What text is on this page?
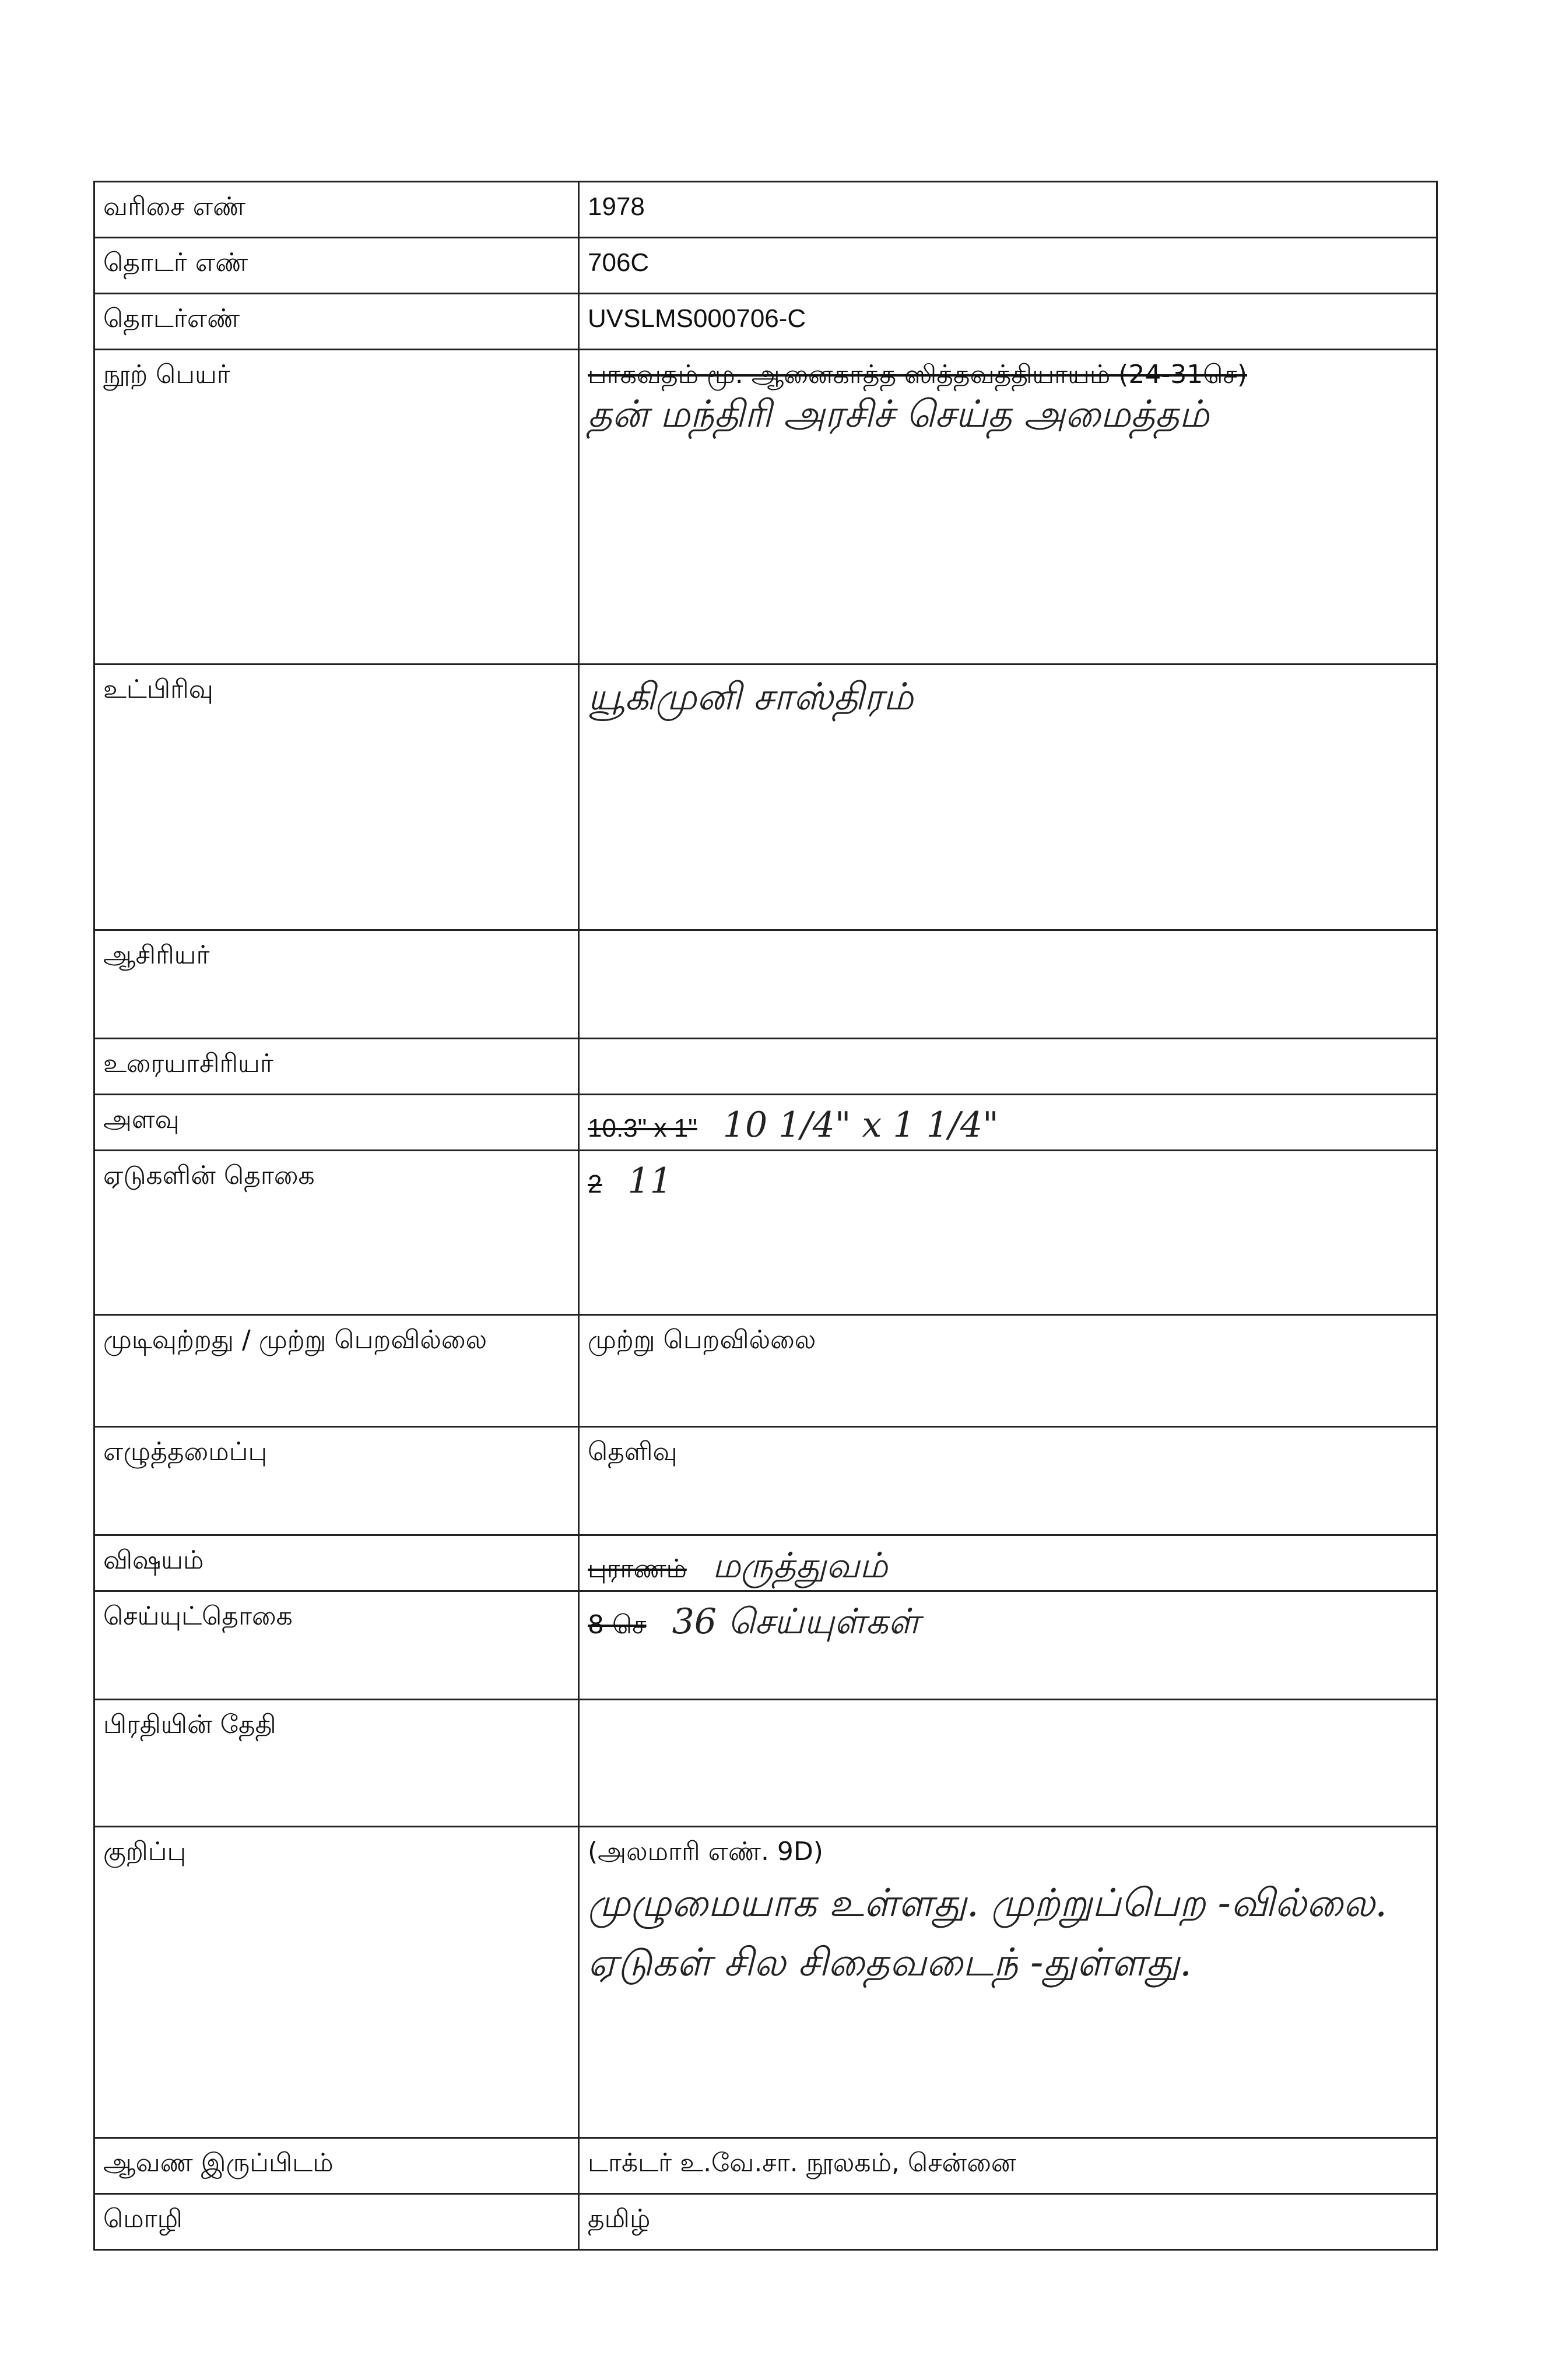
வரிசை எண்	1978

தொடர் எண்	706C

தொடர்எண்	UVSLMS000706-C

நூற் பெயர்	பாகவதம் மூ. ஆனைகாத்த ஸித்தவத்தியாயம் (24-31செ)
தன் மந்திரி அரசிச் செய்த அமைத்தம்

உட்பிரிவு	யூகிமுனி சாஸ்திரம்

ஆசிரியர்	
உரையாசிரியர்	
அளவு	10.3" x 1" 10 1/4" x 1 1/4"
ஏடுகளின் தொகை	2 11
முடிவுற்றது / முற்று பெறவில்லை	முற்று பெறவில்லை

எழுத்தமைப்பு	தெளிவு

விஷயம்	புராணம் மருத்துவம்
செய்யுட்தொகை	8 செ 36 செய்யுள்கள்
பிரதியின் தேதி	
குறிப்பு	(அலமாரி எண். 9D)
முழுமையாக உள்ளது. முற்றுப்பெற -வில்லை. ஏடுகள் சில சிதைவடைந் -துள்ளது.

ஆவண இருப்பிடம்	டாக்டர் உ.வே.சா. நூலகம், சென்னை

மொழி	தமிழ்
